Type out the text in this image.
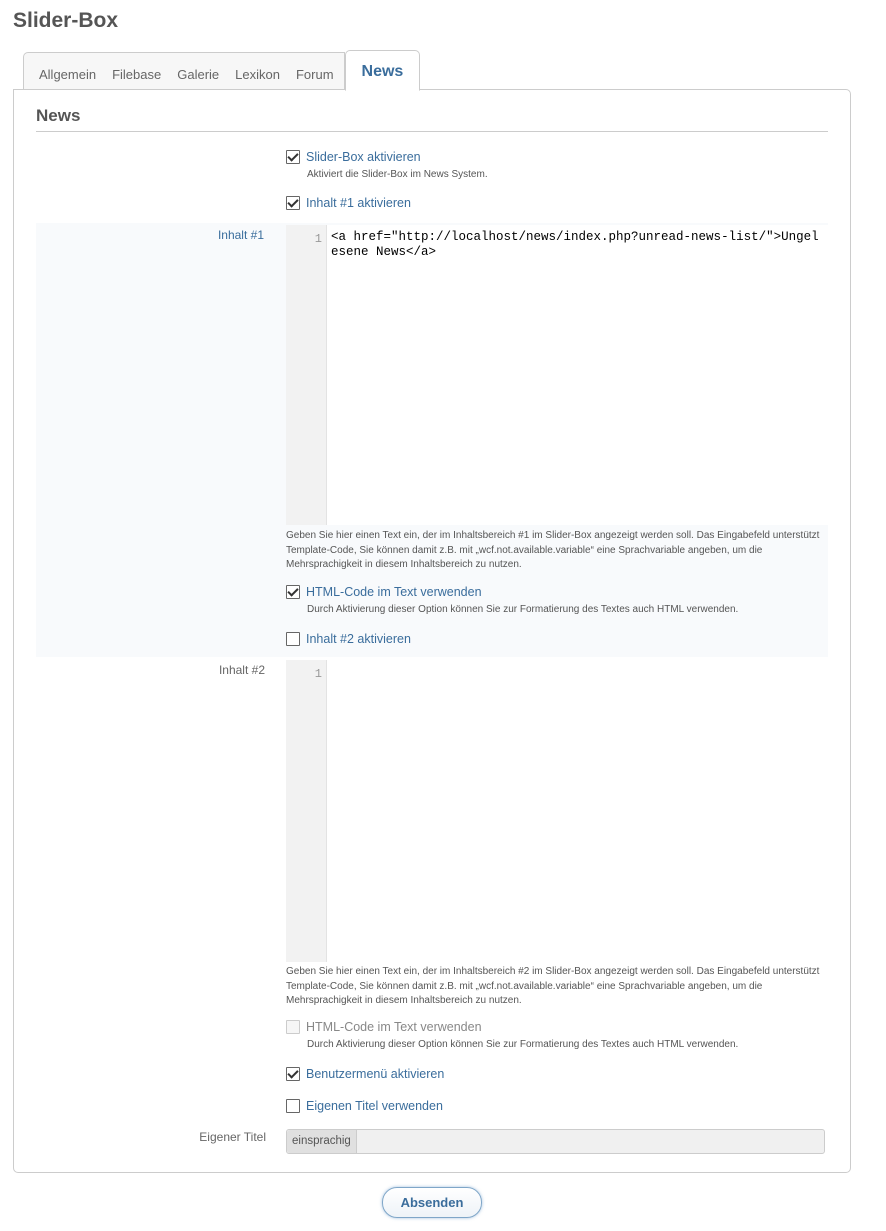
Slider-Box
Allgemein	Filebase	Galerie	Lexikon	Forum	News
News
Slider-Box aktivieren
Aktiviert die Slider-Box im News System.
Inhalt #1 aktivieren
Inhalt #1	1 <a href="http://localhost/news/index.php?unread-news-list/">Ungelesene News</a>
Geben Sie hier einen Text ein, der im Inhaltsbereich #1 im Slider-Box angezeigt werden soll. Das Eingabefeld unterstützt Template-Code, Sie können damit z.B. mit „wcf.not.available.variable“ eine Sprachvariable angeben, um die Mehrsprachigkeit in diesem Inhaltsbereich zu nutzen.
HTML-Code im Text verwenden
Durch Aktivierung dieser Option können Sie zur Formatierung des Textes auch HTML verwenden.
Inhalt #2 aktivieren
Inhalt #2	1
Geben Sie hier einen Text ein, der im Inhaltsbereich #2 im Slider-Box angezeigt werden soll. Das Eingabefeld unterstützt Template-Code, Sie können damit z.B. mit „wcf.not.available.variable“ eine Sprachvariable angeben, um die Mehrsprachigkeit in diesem Inhaltsbereich zu nutzen.
HTML-Code im Text verwenden
Durch Aktivierung dieser Option können Sie zur Formatierung des Textes auch HTML verwenden.
Benutzermenü aktivieren
Eigenen Titel verwenden
Eigener Titel	einsprachig
Absenden
